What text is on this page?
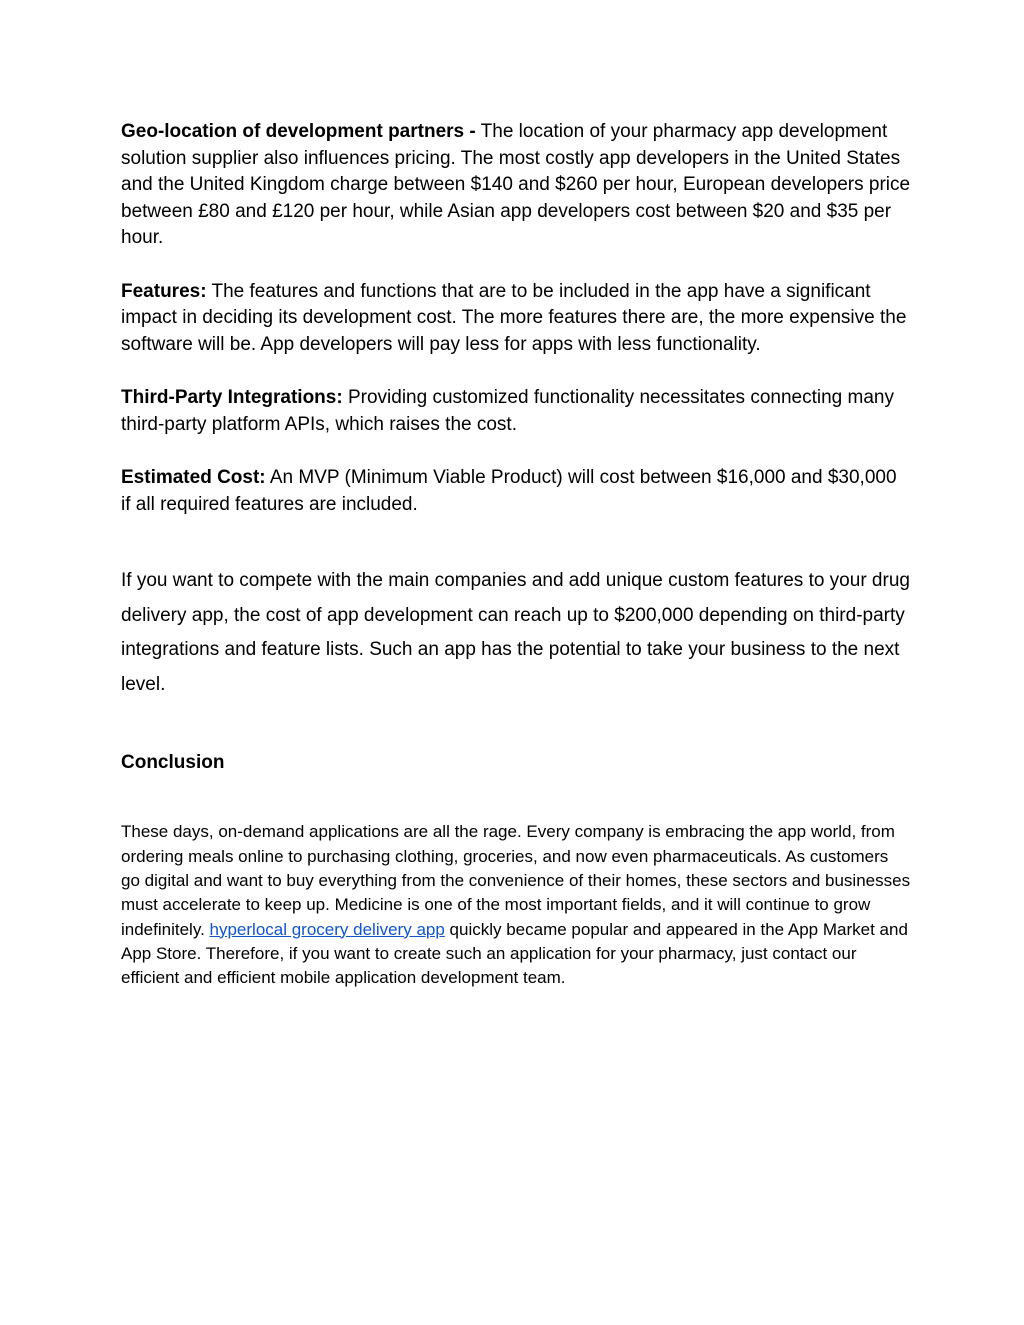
Geo-location of development partners - The location of your pharmacy app development solution supplier also influences pricing. The most costly app developers in the United States and the United Kingdom charge between $140 and $260 per hour, European developers price between £80 and £120 per hour, while Asian app developers cost between $20 and $35 per hour.

Features: The features and functions that are to be included in the app have a significant impact in deciding its development cost. The more features there are, the more expensive the software will be. App developers will pay less for apps with less functionality.

Third-Party Integrations: Providing customized functionality necessitates connecting many third-party platform APIs, which raises the cost.

Estimated Cost: An MVP (Minimum Viable Product) will cost between $16,000 and $30,000 if all required features are included.

If you want to compete with the main companies and add unique custom features to your drug delivery app, the cost of app development can reach up to $200,000 depending on third-party integrations and feature lists. Such an app has the potential to take your business to the next level.

Conclusion

These days, on-demand applications are all the rage. Every company is embracing the app world, from ordering meals online to purchasing clothing, groceries, and now even pharmaceuticals. As customers go digital and want to buy everything from the convenience of their homes, these sectors and businesses must accelerate to keep up. Medicine is one of the most important fields, and it will continue to grow indefinitely. hyperlocal grocery delivery app quickly became popular and appeared in the App Market and App Store. Therefore, if you want to create such an application for your pharmacy, just contact our efficient and efficient mobile application development team.
